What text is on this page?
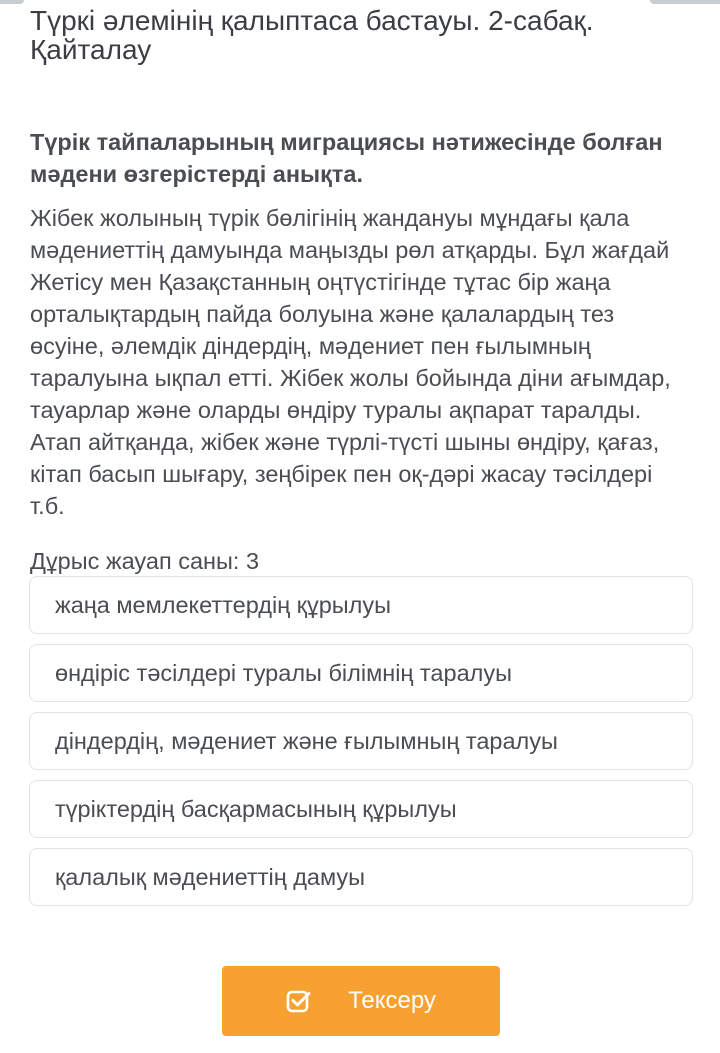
Түркі әлемінің қалыптаса бастауы. 2-сабақ. Қайталау

Түрік тайпаларының миграциясы нәтижесінде болған мәдени өзгерістерді анықта.

Жібек жолының түрік бөлігінің жандануы мұндағы қала мәдениеттің дамуында маңызды рөл атқарды. Бұл жағдай Жетісу мен Қазақстанның оңтүстігінде тұтас бір жаңа орталықтардың пайда болуына және қалалардың тез өсуіне, әлемдік діндердің, мәдениет пен ғылымның таралуына ықпал етті. Жібек жолы бойында діни ағымдар, тауарлар және оларды өндіру туралы ақпарат таралды. Атап айтқанда, жібек және түрлі-түсті шыны өндіру, қағаз, кітап басып шығару, зеңбірек пен оқ-дәрі жасау тәсілдері т.б.

Дұрыс жауап саны: 3
жаңа мемлекеттердің құрылуы
өндіріс тәсілдері туралы білімнің таралуы
діндердің, мәдениет және ғылымның таралуы
түріктердің басқармасының құрылуы
қалалық мәдениеттің дамуы
Тексеру
